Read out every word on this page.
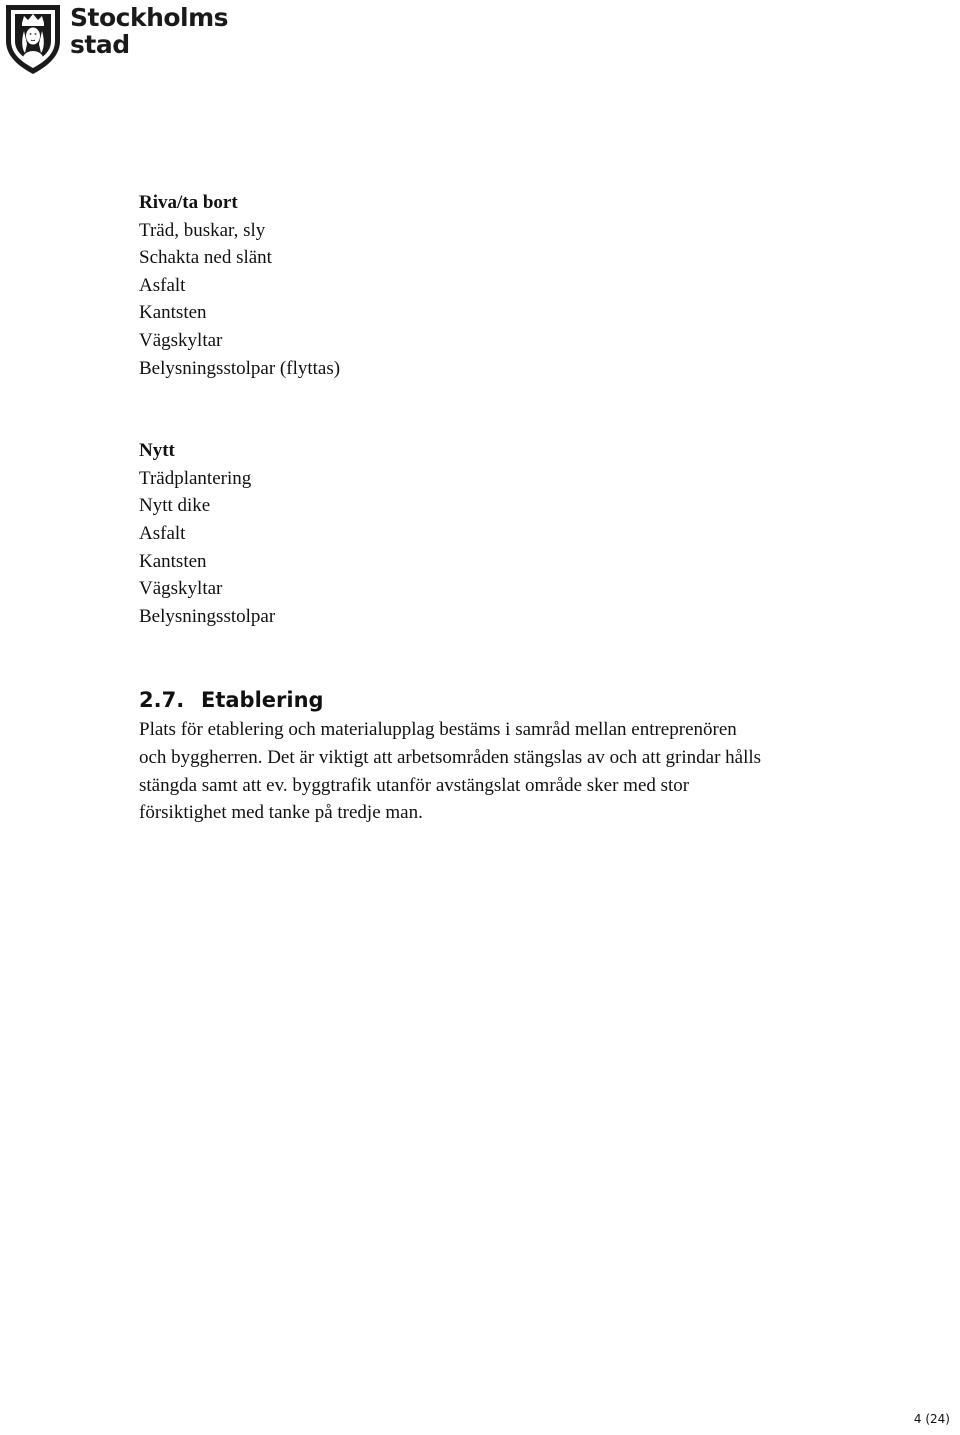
Stockholms
stad
Riva/ta bort
Träd, buskar, sly
Schakta ned slänt
Asfalt
Kantsten
Vägskyltar
Belysningsstolpar (flyttas)
Nytt
Trädplantering
Nytt dike
Asfalt
Kantsten
Vägskyltar
Belysningsstolpar
2.7. Etablering
Plats för etablering och materialupplag bestäms i samråd mellan entreprenören
och byggherren. Det är viktigt att arbetsområden stängslas av och att grindar hålls
stängda samt att ev. byggtrafik utanför avstängslat område sker med stor
försiktighet med tanke på tredje man.
4 (24)
